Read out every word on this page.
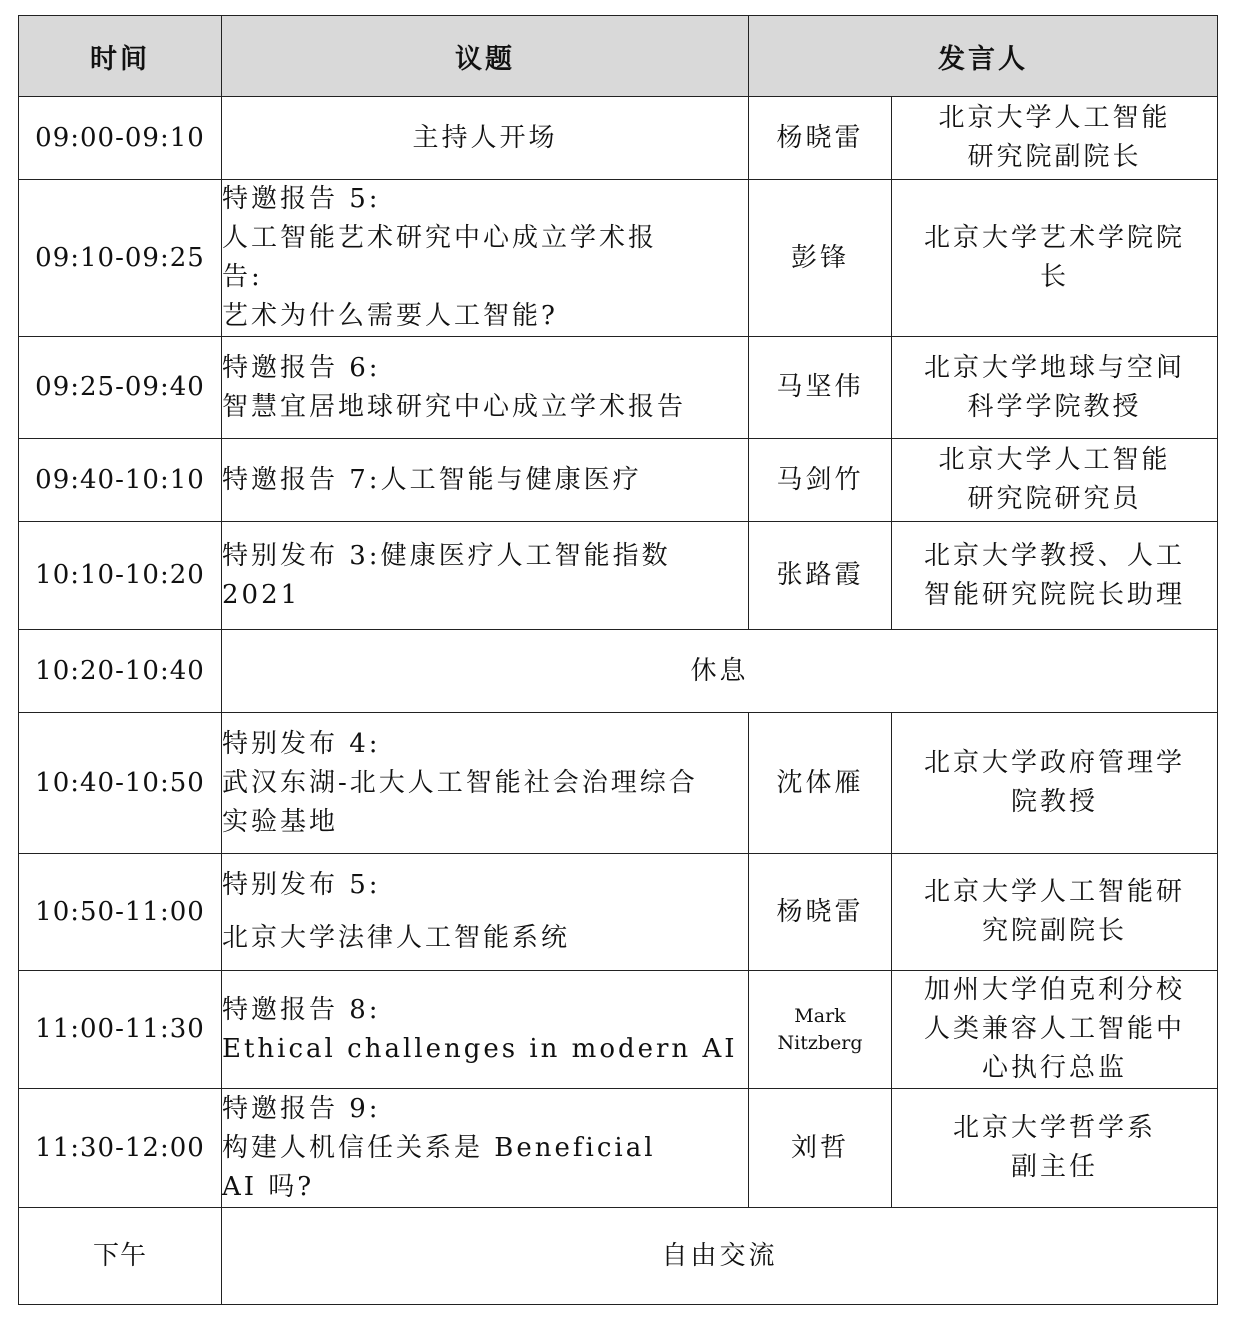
时间	议题	发言人	
09:00-09:10	主持人开场	杨晓雷	北京大学人工智能
研究院副院长

09:10-09:25	特邀报告 5:
人工智能艺术研究中心成立学术报
告:
艺术为什么需要人工智能?	彭锋	北京大学艺术学院院
长

09:25-09:40	特邀报告 6:
智慧宜居地球研究中心成立学术报告	马坚伟	北京大学地球与空间
科学学院教授

09:40-10:10	特邀报告 7:人工智能与健康医疗	马剑竹	北京大学人工智能
研究院研究员

10:10-10:20	特别发布 3:健康医疗人工智能指数
2021	张路霞	北京大学教授、人工
智能研究院院长助理

10:20-10:40	休息		
10:40-10:50	特别发布 4:
武汉东湖-北大人工智能社会治理综合
实验基地	沈体雁	北京大学政府管理学
院教授

10:50-11:00	特别发布 5:
北京大学法律人工智能系统	杨晓雷	北京大学人工智能研
究院副院长

11:00-11:30	特邀报告 8:
Ethical challenges in modern AI	Mark Nitzberg	加州大学伯克利分校
人类兼容人工智能中
心执行总监

11:30-12:00	特邀报告 9:
构建人机信任关系是 Beneficial
AI 吗?	刘哲	北京大学哲学系
副主任

下午	自由交流		
